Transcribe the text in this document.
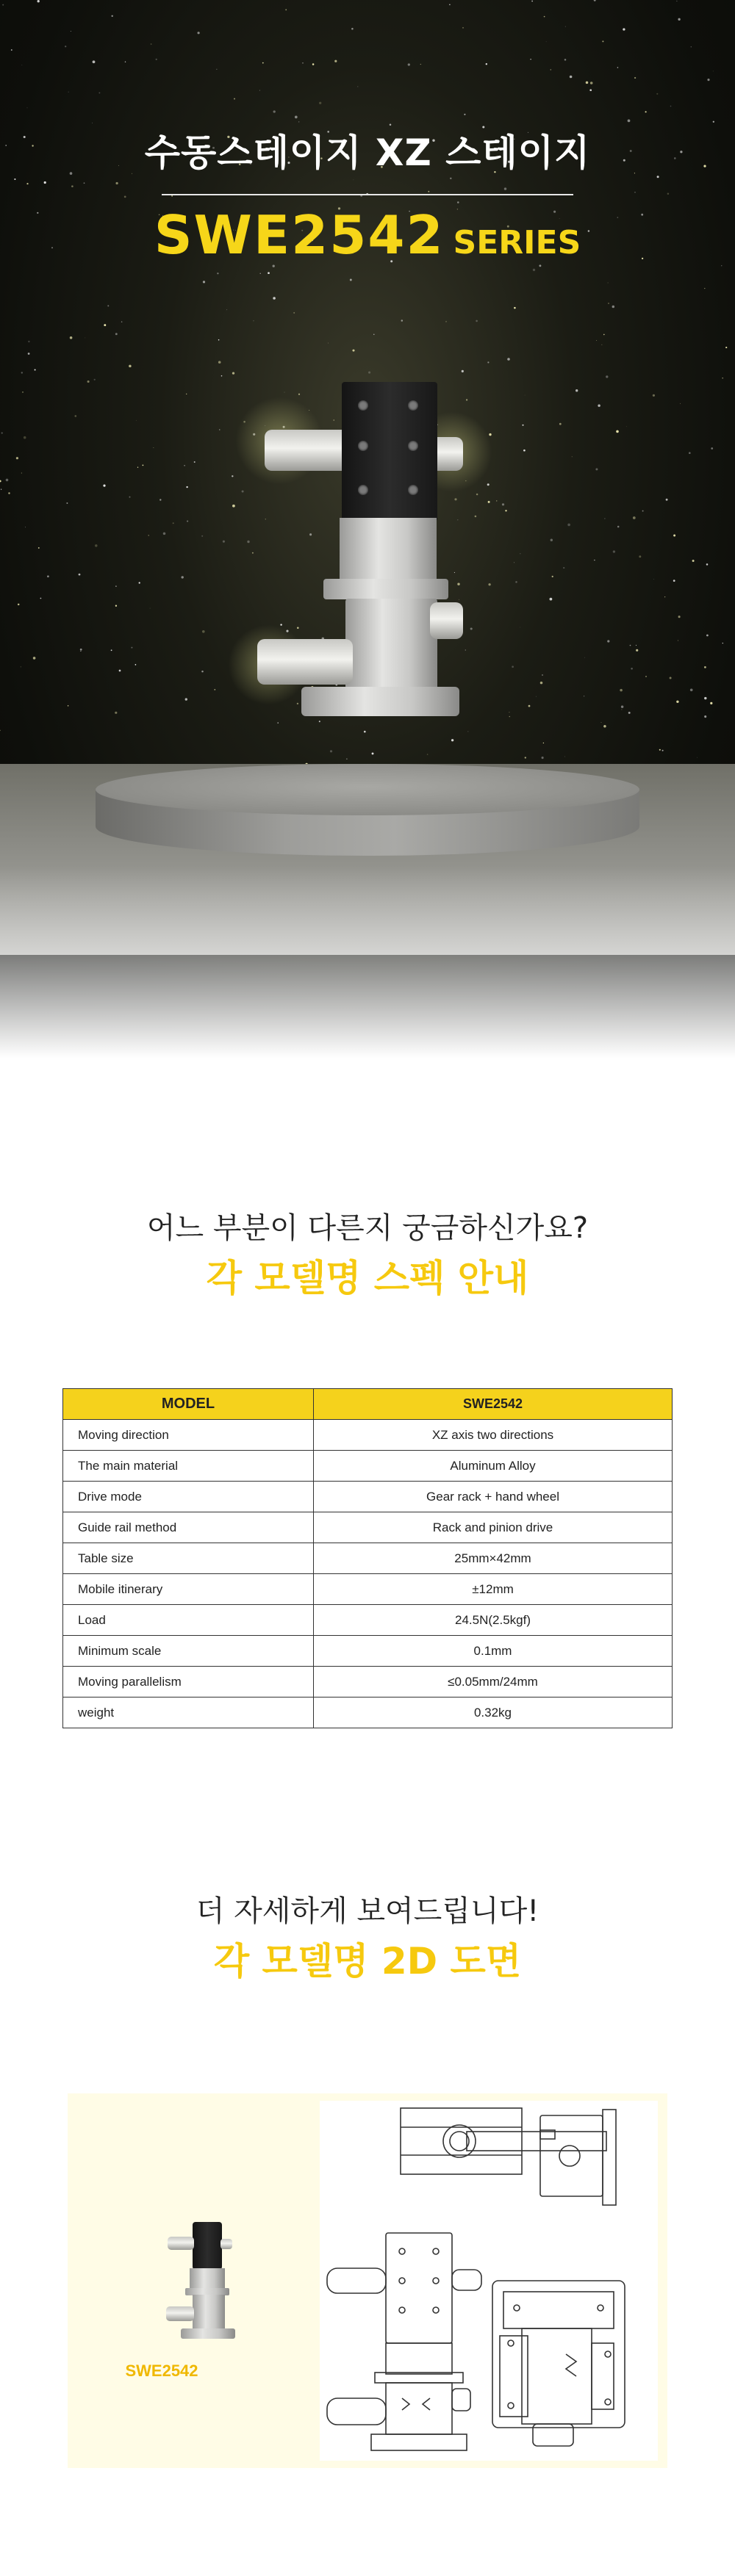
수동스테이지 XZ 스테이지
SWE2542 SERIES
어느 부분이 다른지 궁금하신가요?
각 모델명 스펙 안내
MODEL	SWE2542
Moving direction	XZ axis two directions
The main material	Aluminum Alloy
Drive mode	Gear rack + hand wheel
Guide rail method	Rack and pinion drive
Table size	25mm×42mm
Mobile itinerary	±12mm
Load	24.5N(2.5kgf)
Minimum scale	0.1mm
Moving parallelism	≤0.05mm/24mm
weight	0.32kg
더 자세하게 보여드립니다!
각 모델명 2D 도면
SWE2542
